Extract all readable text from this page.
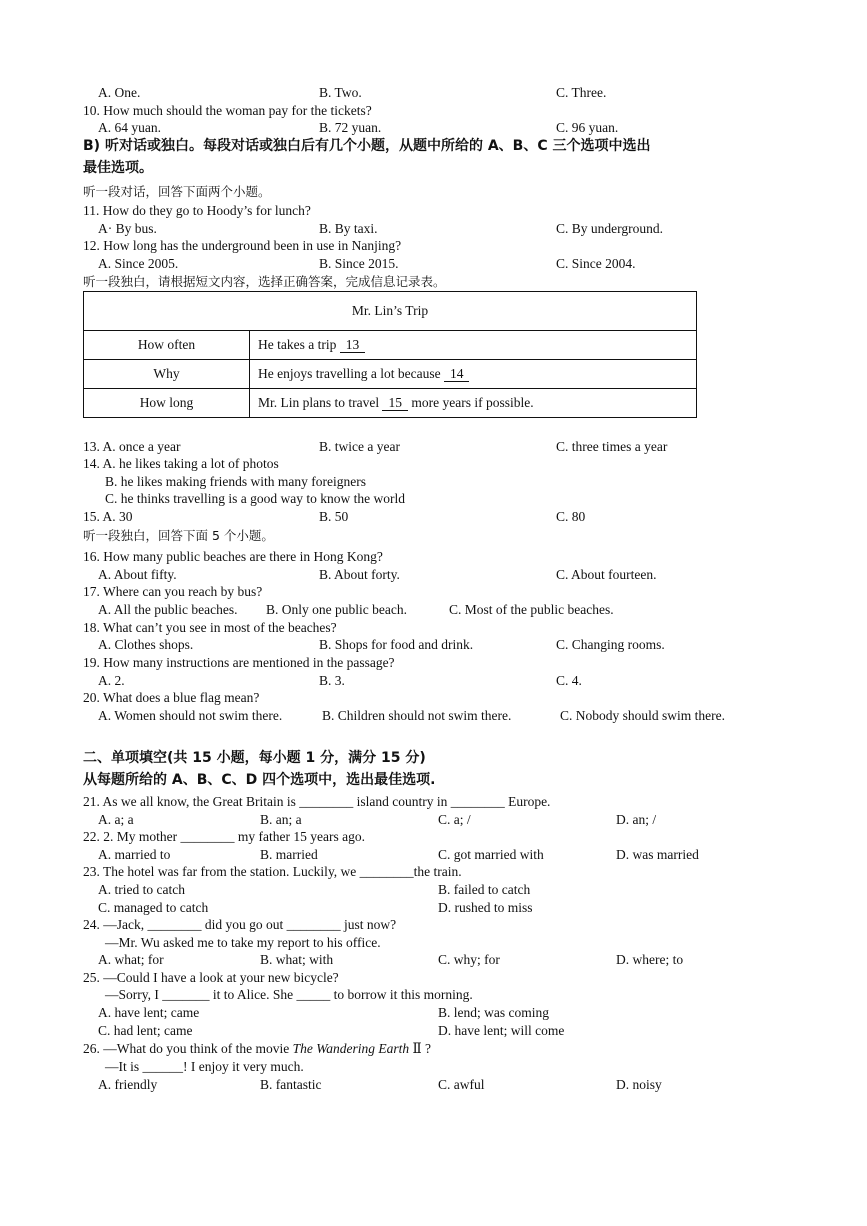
A. One.	B. Two.	C. Three.
10. How much should the woman pay for the tickets?
A. 64 yuan.	B. 72 yuan.	C. 96 yuan.
B) 听对话或独白。每段对话或独白后有几个小题，从题中所给的 A、B、C 三个选项中选出
最佳选项。
听一段对话，回答下面两个小题。
11. How do they go to Hoody’s for lunch?
A· By bus.	B. By taxi.	C. By underground.
12. How long has the underground been in use in Nanjing?
A. Since 2005.	B. Since 2015.	C. Since 2004.
听一段独白，请根据短文内容，选择正确答案，完成信息记录表。
Mr. Lin’s Trip	
How often	He takes a trip 13
Why	He enjoys travelling a lot because 14
How long	Mr. Lin plans to travel 15 more years if possible.
13. A. once a year	B. twice a year	C. three times a year
14. A. he likes taking a lot of photos
B. he likes making friends with many foreigners
C. he thinks travelling is a good way to know the world
15. A. 30	B. 50	C. 80
听一段独白，回答下面 5 个小题。
16. How many public beaches are there in Hong Kong?
A. About fifty.	B. About forty.	C. About fourteen.
17. Where can you reach by bus?
A. All the public beaches. B. Only one public beach.	C. Most of the public beaches.
18. What can’t you see in most of the beaches?
A. Clothes shops.	B. Shops for food and drink.	C. Changing rooms.
19. How many instructions are mentioned in the passage?
A. 2.	B. 3.	C. 4.
20. What does a blue flag mean?
A. Women should not swim there.	B. Children should not swim there.	C. Nobody should swim there.
二、单项填空(共 15 小题，每小题 1 分，满分 15 分)
从每题所给的 A、B、C、D 四个选项中，选出最佳选项.
21. As we all know, the Great Britain is ________ island country in ________ Europe.
A. a; a	B. an; a	C. a; /	D. an; /
22. 2. My mother ________ my father 15 years ago.
A. married to	B. married	C. got married with	D. was married
23. The hotel was far from the station. Luckily, we ________the train.
A. tried to catch	B. failed to catch
C. managed to catch	D. rushed to miss
24. —Jack, ________ did you go out ________ just now?
—Mr. Wu asked me to take my report to his office.
A. what; for	B. what; with	C. why; for	D. where; to
25. —Could I have a look at your new bicycle?
—Sorry, I _______ it to Alice. She _____ to borrow it this morning.
A. have lent; came	B. lend; was coming
C. had lent; came	D. have lent; will come
26. —What do you think of the movie The Wandering Earth Ⅱ ?
—It is ______! I enjoy it very much.
A. friendly	B. fantastic	C. awful	D. noisy
